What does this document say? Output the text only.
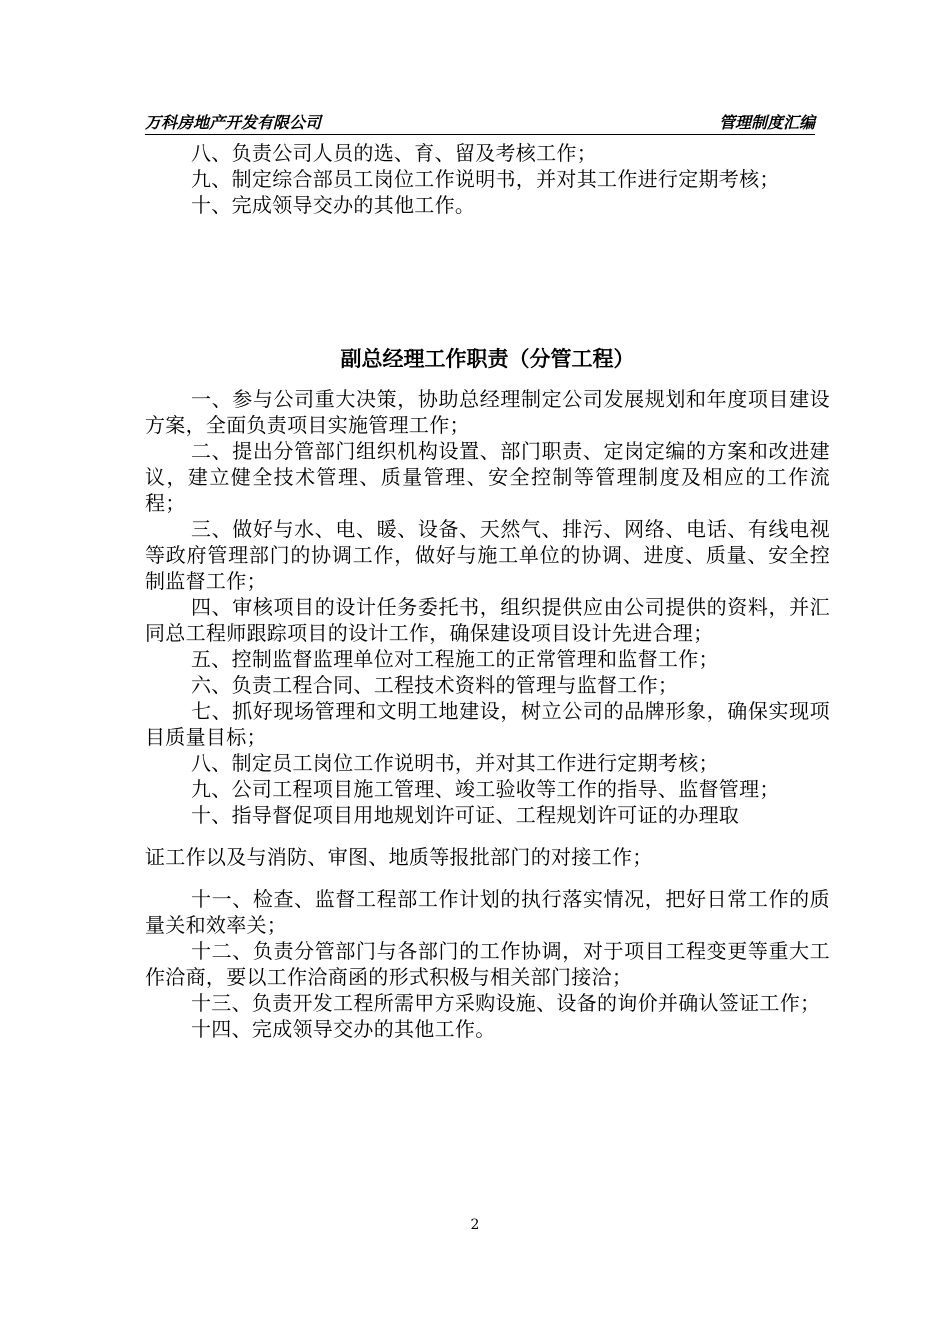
万科房地产开发有限公司	管理制度汇编

八、负责公司人员的选、育、留及考核工作；

九、制定综合部员工岗位工作说明书，并对其工作进行定期考核；

十、完成领导交办的其他工作。

副总经理工作职责（分管工程）

一、参与公司重大决策，协助总经理制定公司发展规划和年度项目建设方案，全面负责项目实施管理工作；

二、提出分管部门组织机构设置、部门职责、定岗定编的方案和改进建议，建立健全技术管理、质量管理、安全控制等管理制度及相应的工作流程；

三、做好与水、电、暖、设备、天然气、排污、网络、电话、有线电视等政府管理部门的协调工作，做好与施工单位的协调、进度、质量、安全控制监督工作；

四、审核项目的设计任务委托书，组织提供应由公司提供的资料，并汇同总工程师跟踪项目的设计工作，确保建设项目设计先进合理；

五、控制监督监理单位对工程施工的正常管理和监督工作；

六、负责工程合同、工程技术资料的管理与监督工作；

七、抓好现场管理和文明工地建设，树立公司的品牌形象，确保实现项目质量目标；

八、制定员工岗位工作说明书，并对其工作进行定期考核；

九、公司工程项目施工管理、竣工验收等工作的指导、监督管理；

十、指导督促项目用地规划许可证、工程规划许可证的办理取

证工作以及与消防、审图、地质等报批部门的对接工作；

十一、检查、监督工程部工作计划的执行落实情况，把好日常工作的质量关和效率关；

十二、负责分管部门与各部门的工作协调，对于项目工程变更等重大工作洽商，要以工作洽商函的形式积极与相关部门接洽；

十三、负责开发工程所需甲方采购设施、设备的询价并确认签证工作；

十四、完成领导交办的其他工作。

2
